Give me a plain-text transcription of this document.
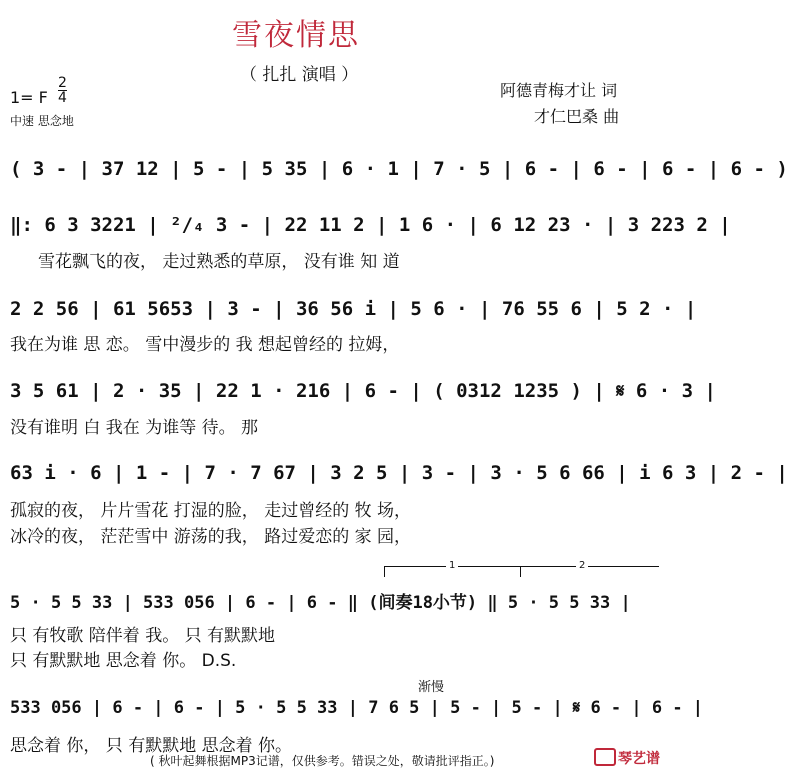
雪夜情思
（ 扎扎 演唱 ）
1= F
2
4
中速 思念地
阿德青梅才让 词
才仁巴桑 曲
( 3 - | 37 12 | 5 - | 5 35 | 6 · 1 | 7 · 5 | 6 - | 6 - | 6 - | 6 - )
‖: 6 3 3221 | ²/₄ 3 - | 22 11 2 | 1 6 · | 6 12 23 · | 3 223 2 |
雪花飘飞的夜， 走过熟悉的草原， 没有谁 知 道
2 2 56 | 61 5653 | 3 - | 36 56 i | 5 6 · | 76 55 6 | 5 2 · |
我在为谁 思 恋。 雪中漫步的 我 想起曾经的 拉姆，
3 5 61 | 2 · 35 | 22 1 · 216 | 6 - | ( 0312 1235 ) | 𝄋 6 · 3 |
没有谁明 白 我在 为谁等 待。 那
63 i · 6 | 1 - | 7 · 7 67 | 3 2 5 | 3 - | 3 · 5 6 66 | i 6 3 | 2 - |
孤寂的夜， 片片雪花 打湿的脸， 走过曾经的 牧 场，
冰冷的夜， 茫茫雪中 游荡的我， 路过爱恋的 家 园，
1	2
5 · 5 5 33 | 533 056 | 6 - | 6 - ‖ (间奏18小节) ‖ 5 · 5 5 33 |
只 有牧歌 陪伴着 我。 只 有默默地
只 有默默地 思念着 你。 D.S.
渐慢
533 056 | 6 - | 6 - | 5 · 5 5 33 | 7 6 5 | 5 - | 5 - | 𝄋 6 - | 6 - |
思念着 你， 只 有默默地 思念着 你。
( 秋叶起舞根据MP3记谱，仅供参考。错误之处，敬请批评指正。)	琴艺谱
